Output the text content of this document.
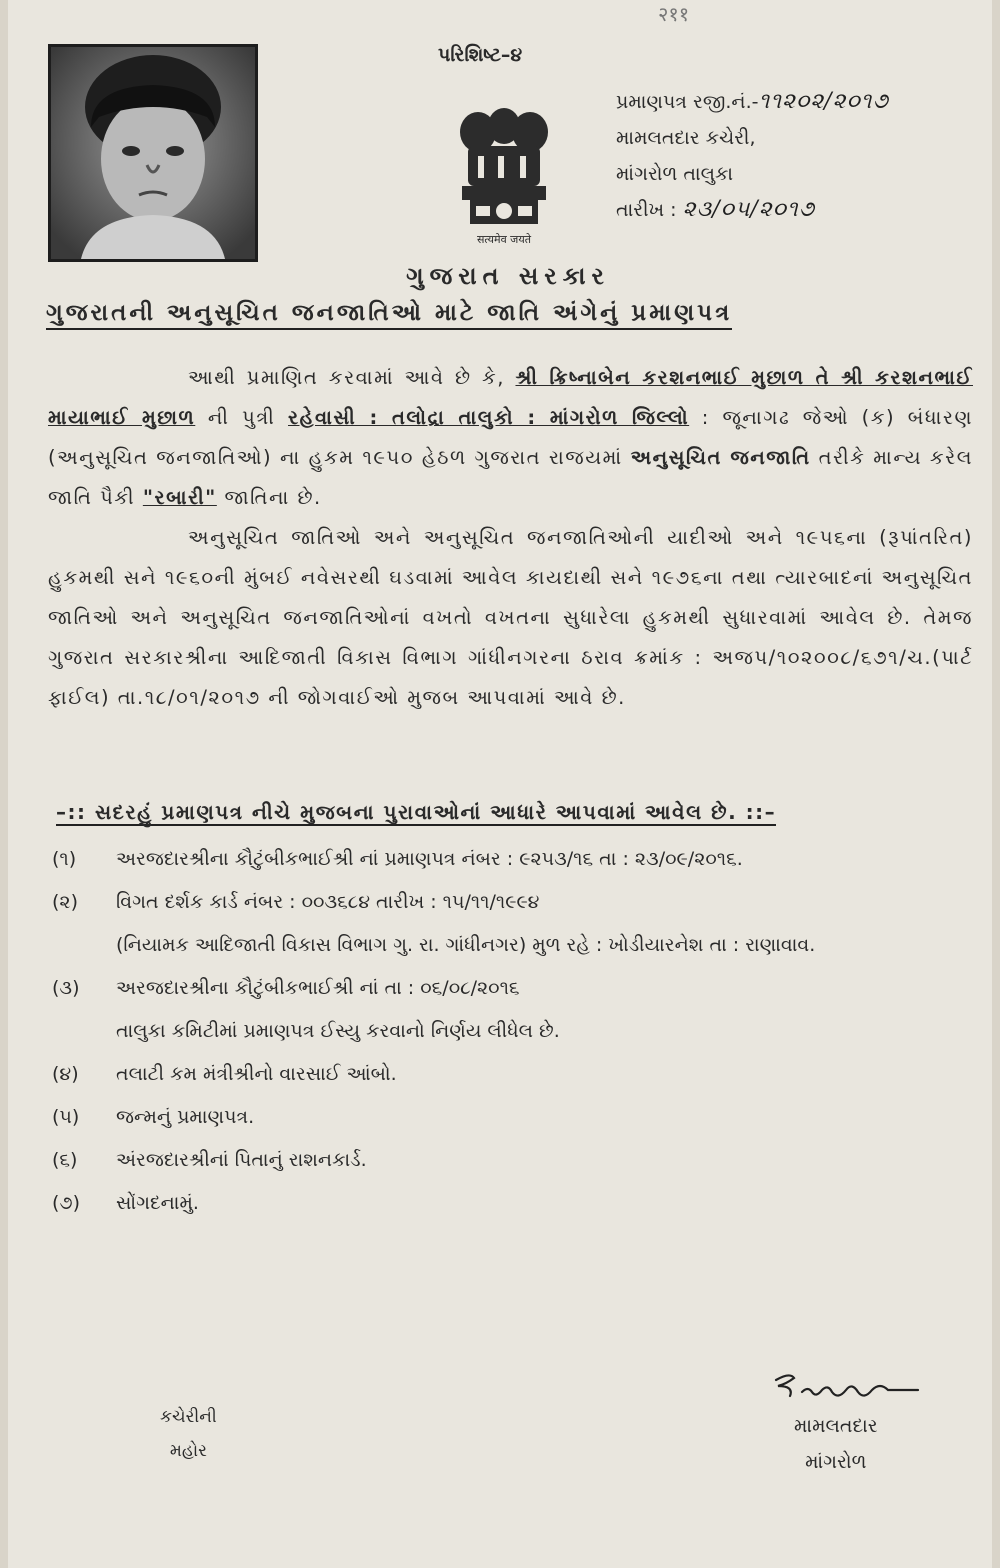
२११
પરિશિષ્ટ–૪
सत्यमेव जयते
પ્રમાણપત્ર રજી.નં.-૧૧૨૦૨/૨૦૧૭
મામલતદાર કચેરી,
માંગરોળ તાલુકા
તારીખ : ૨૩/૦૫/૨૦૧૭
ગુજરાત સરકાર
ગુજરાતની અનુસૂચિત જનજાતિઓ માટે જાતિ અંગેનું પ્રમાણપત્ર

આથી પ્રમાણિત કરવામાં આવે છે કે, શ્રી ક્રિષ્નાબેન કરશનભાઈ મુછાળ તે શ્રી કરશનભાઈ માયાભાઈ મુછાળ ની પુત્રી રહેવાસી : તલોદ્રા તાલુકો : માંગરોળ જિલ્લો : જૂનાગઢ જેઓ (ક) બંધારણ (અનુસૂચિત જનજાતિઓ) ના હુકમ ૧૯૫૦ હેઠળ ગુજરાત રાજયમાં અનુસૂચિત જનજાતિ તરીકે માન્ય કરેલ જાતિ પૈકી "રબારી" જાતિના છે.

અનુસૂચિત જાતિઓ અને અનુસૂચિત જનજાતિઓની યાદીઓ અને ૧૯૫૬ના (રૂપાંતરિત) હુકમથી સને ૧૯૬૦ની મુંબઈ નવેસરથી ઘડવામાં આવેલ કાયદાથી સને ૧૯૭૬ના તથા ત્યારબાદનાં અનુસૂચિત જાતિઓ અને અનુસૂચિત જનજાતિઓનાં વખતો વખતના સુધારેલા હુકમથી સુધારવામાં આવેલ છે. તેમજ ગુજરાત સરકારશ્રીના આદિજાતી વિકાસ વિભાગ ગાંધીનગરના ઠરાવ ક્રમાંક : અજપ/૧૦૨૦૦૮/૬૭૧/ચ.(પાર્ટ ફાઈલ) તા.૧૮/૦૧/૨૦૧૭ ની જોગવાઈઓ મુજબ આપવામાં આવે છે.

–:: સદરહું પ્રમાણપત્ર નીચે મુજબના પુરાવાઓનાં આધારે આપવામાં આવેલ છે. ::–
(૧)	અરજદારશ્રીના કૌટુંબીકભાઈશ્રી નાં પ્રમાણપત્ર નંબર : ૯૨૫૩/૧૬ તા : ૨૩/૦૯/૨૦૧૬.
(૨)	વિગત દર્શક કાર્ડ નંબર : ૦૦૩૬૮૪ તારીખ : ૧૫/૧૧/૧૯૯૪
(નિયામક આદિજાતી વિકાસ વિભાગ ગુ. રા. ગાંધીનગર) મુળ રહે : ખોડીયારનેશ તા : રાણાવાવ.
(૩)	અરજદારશ્રીના કૌટુંબીકભાઈશ્રી નાં તા : ૦૬/૦૮/૨૦૧૬
તાલુકા કમિટીમાં પ્રમાણપત્ર ઈસ્યુ કરવાનો નિર્ણય લીધેલ છે.
(૪)	તલાટી કમ મંત્રીશ્રીનો વારસાઈ આંબો.
(૫)	જન્મનું પ્રમાણપત્ર.
(૬)	અંરજદારશ્રીનાં પિતાનું રાશનકાર્ડ.
(૭)	સોંગદનામું.
કચેરીની
મહોર
મામલતદાર
માંગરોળ
